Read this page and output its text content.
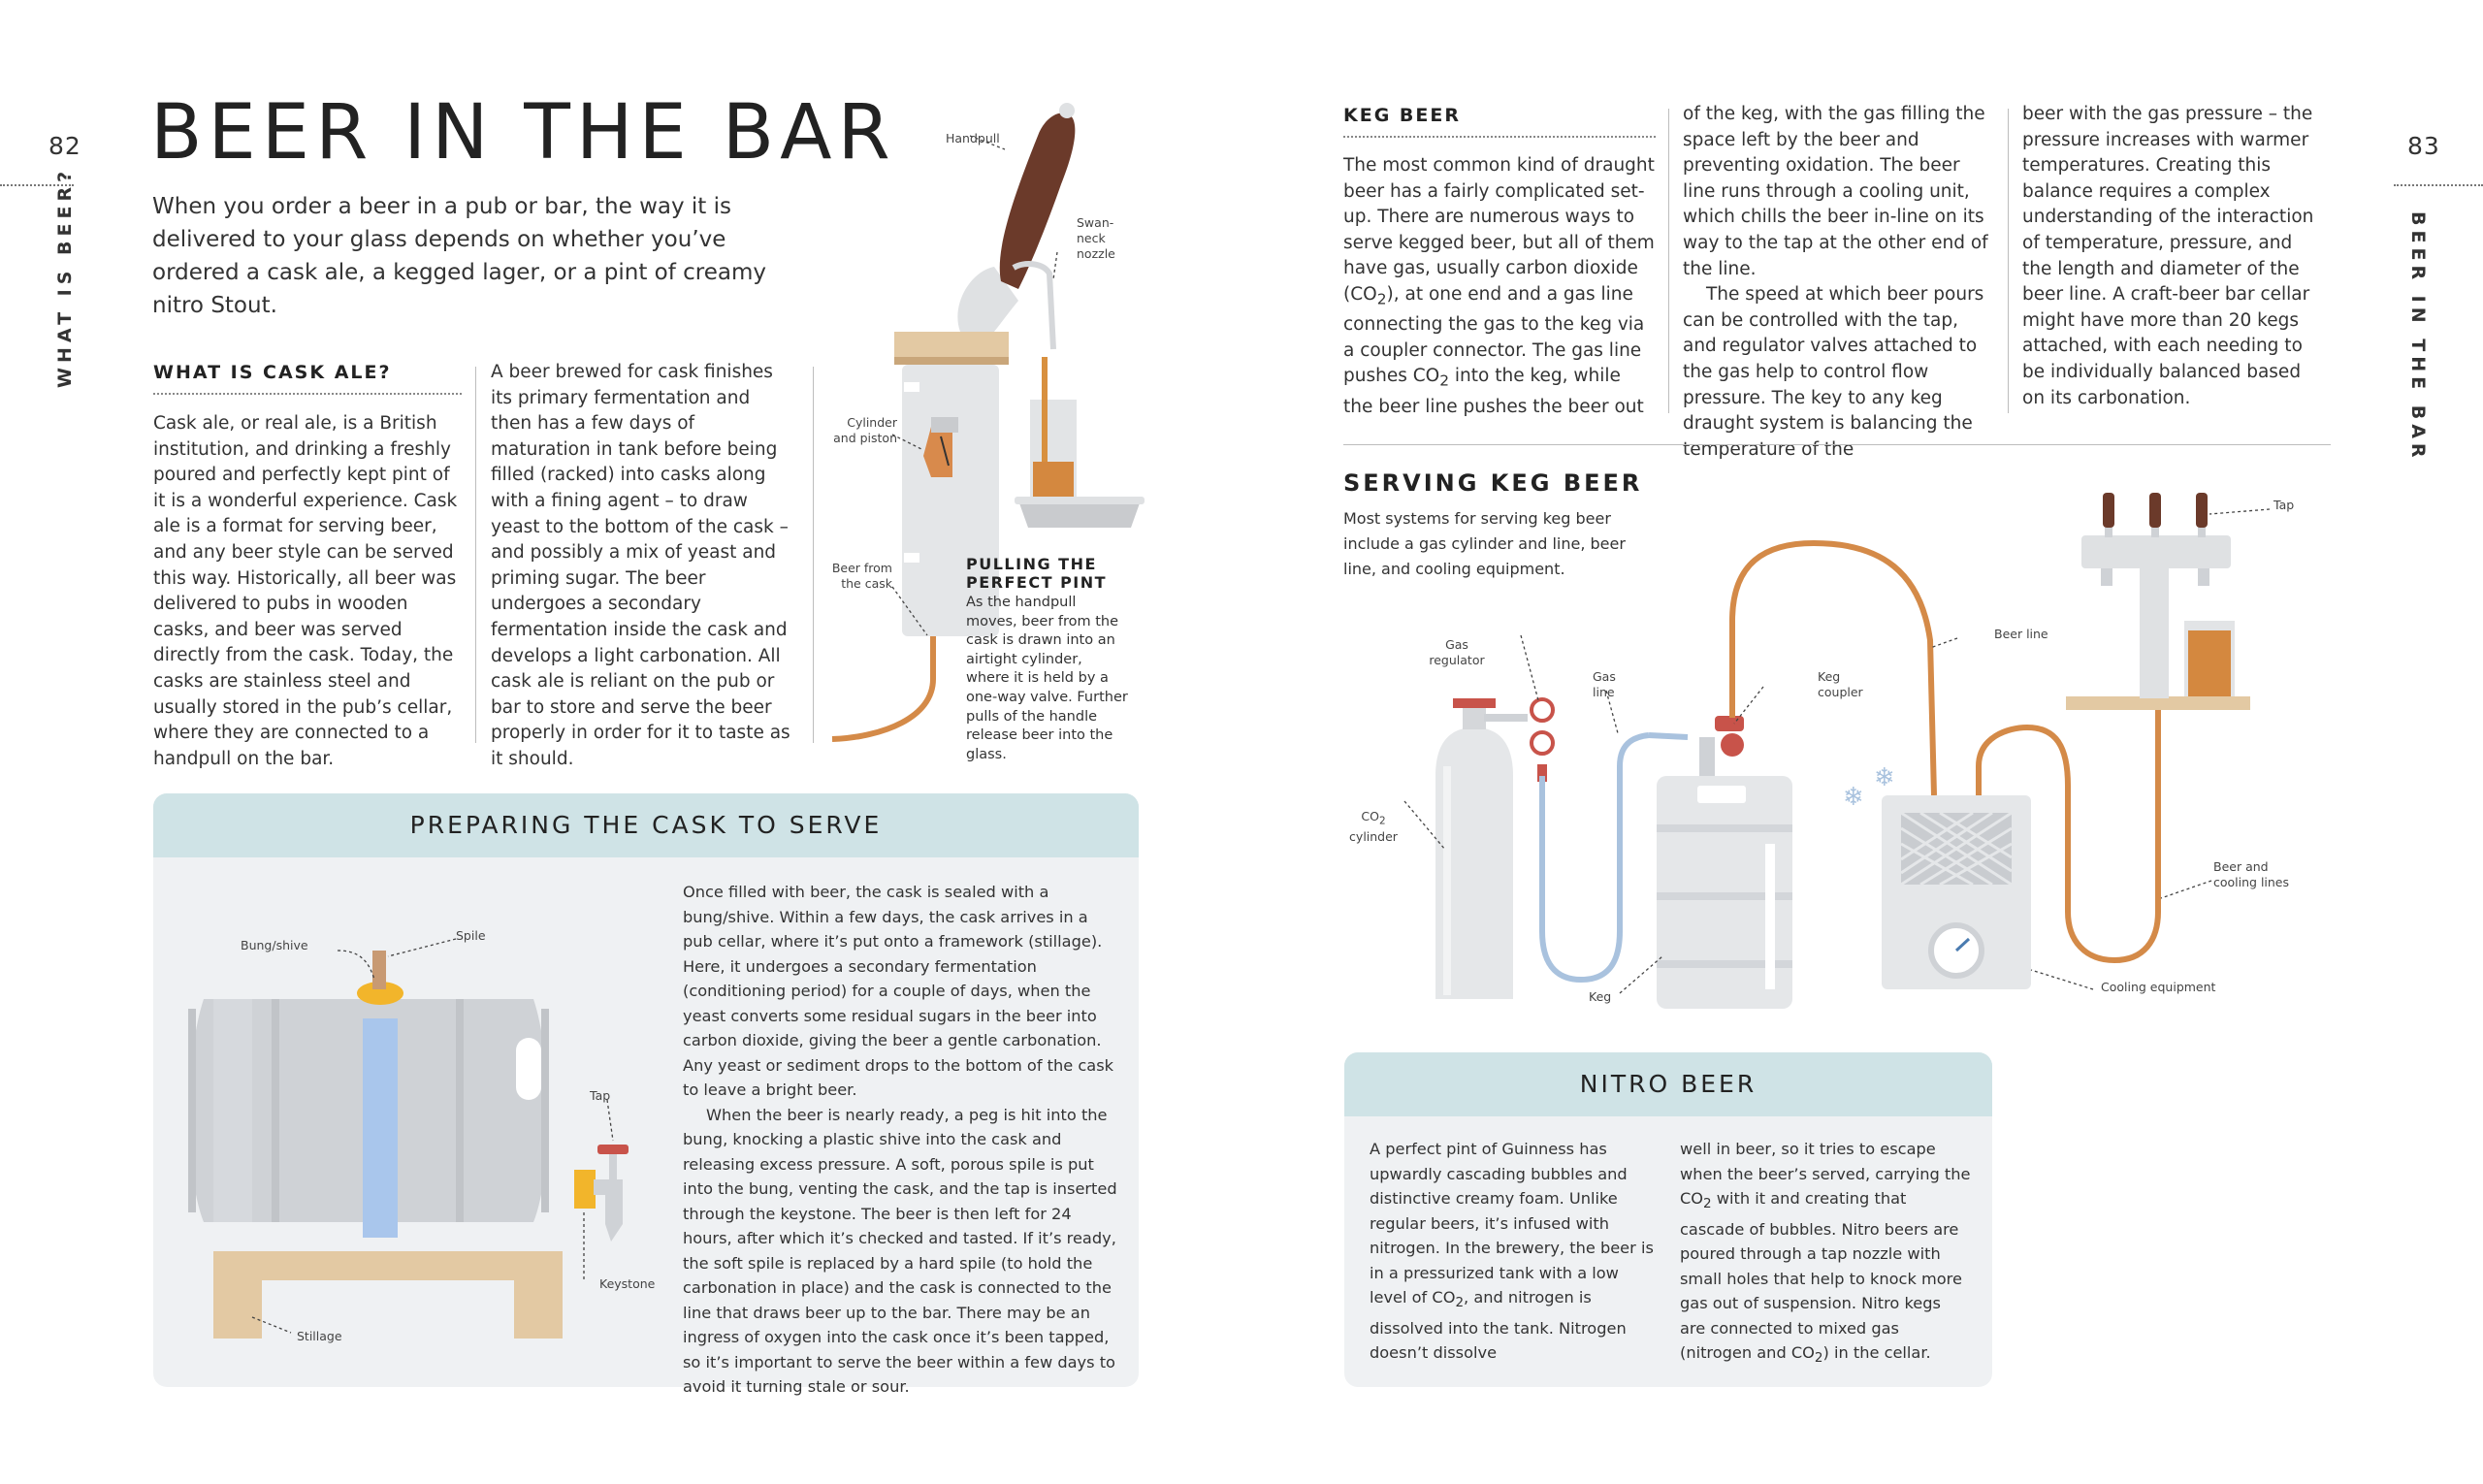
82
WHAT IS BEER?
BEER IN THE BAR
When you order a beer in a pub or bar, the way it is delivered to your glass depends on whether you’ve ordered a cask ale, a kegged lager, or a pint of creamy nitro Stout.
WHAT IS CASK ALE?
Cask ale, or real ale, is a British institution, and drinking a freshly poured and perfectly kept pint of it is a wonderful experience. Cask ale is a format for serving beer, and any beer style can be served this way. Historically, all beer was delivered to pubs in wooden casks, and beer was served directly from the cask. Today, the casks are stainless steel and usually stored in the pub’s cellar, where they are connected to a handpull on the bar.
A beer brewed for cask finishes its primary fermentation and then has a few days of maturation in tank before being filled (racked) into casks along with a fining agent – to draw yeast to the bottom of the cask – and possibly a mix of yeast and priming sugar. The beer undergoes a secondary fermentation inside the cask and develops a light carbonation. All cask ale is reliant on the pub or bar to store and serve the beer properly in order for it to taste as it should.
Handpull
Swan-neck nozzle
Cylinder and piston
Beer from the cask
PULLING THE PERFECT PINT
As the handpull moves, beer from the cask is drawn into an airtight cylinder, where it is held by a one-way valve. Further pulls of the handle release beer into the glass.
PREPARING THE CASK TO SERVE
Bung/shive
Spile
Tap
Keystone
Stillage

Once filled with beer, the cask is sealed with a bung/shive. Within a few days, the cask arrives in a pub cellar, where it’s put onto a framework (stillage). Here, it undergoes a secondary fermentation (conditioning period) for a couple of days, when the yeast converts some residual sugars in the beer into carbon dioxide, giving the beer a gentle carbonation. Any yeast or sediment drops to the bottom of the cask to leave a bright beer.

When the beer is nearly ready, a peg is hit into the bung, knocking a plastic shive into the cask and releasing excess pressure. A soft, porous spile is put into the bung, venting the cask, and the tap is inserted through the keystone. The beer is then left for 24 hours, after which it’s checked and tasted. If it’s ready, the soft spile is replaced by a hard spile (to hold the carbonation in place) and the cask is connected to the line that draws beer up to the bar. There may be an ingress of oxygen into the cask once it’s been tapped, so it’s important to serve the beer within a few days to avoid it turning stale or sour.

83
BEER IN THE BAR
KEG BEER
The most common kind of draught beer has a fairly complicated set-up. There are numerous ways to serve kegged beer, but all of them have gas, usually carbon dioxide $(CO_2)$, at one end and a gas line connecting the gas to the keg via a coupler connector. The gas line pushes $CO_2$ into the keg, while the beer line pushes the beer out

of the keg, with the gas filling the space left by the beer and preventing oxidation. The beer line runs through a cooling unit, which chills the beer in-line on its way to the tap at the other end of the line.

The speed at which beer pours can be controlled with the tap, and regulator valves attached to the gas help to control flow pressure. The key to any keg draught system is balancing the temperature of the

beer with the gas pressure – the pressure increases with warmer temperatures. Creating this balance requires a complex understanding of the interaction of temperature, pressure, and the length and diameter of the beer line. A craft-beer bar cellar might have more than 20 kegs attached, with each needing to be individually balanced based on its carbonation.
SERVING KEG BEER
Most systems for serving keg beer include a gas cylinder and line, beer line, and cooling equipment.
❄
❄
Gas regulator
Gas line
Keg coupler
Beer line
Tap
$CO_2$
cylinder
Keg
Beer and cooling lines
Cooling equipment
NITRO BEER
A perfect pint of Guinness has upwardly cascading bubbles and distinctive creamy foam. Unlike regular beers, it’s infused with nitrogen. In the brewery, the beer is in a pressurized tank with a low level of $CO_2$, and nitrogen is dissolved into the tank. Nitrogen doesn’t dissolve
well in beer, so it tries to escape when the beer’s served, carrying the $CO_2$ with it and creating that cascade of bubbles. Nitro beers are poured through a tap nozzle with small holes that help to knock more gas out of suspension. Nitro kegs are connected to mixed gas (nitrogen and $CO_2$) in the cellar.
